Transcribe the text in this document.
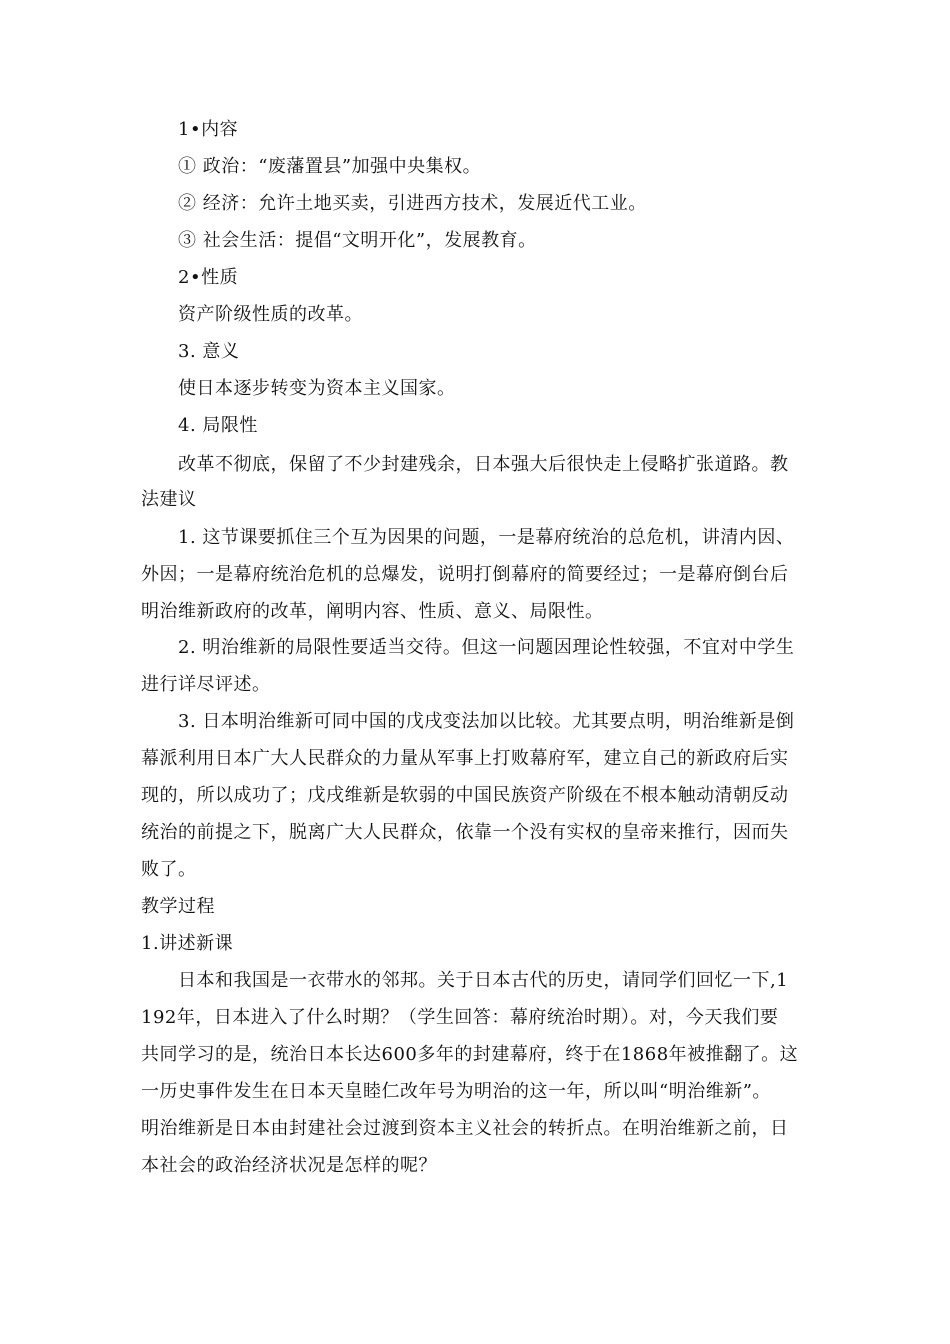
1•内容
① 政治：“废藩置县”加强中央集权。
② 经济：允许土地买卖，引进西方技术，发展近代工业。
③ 社会生活：提倡“文明开化”，发展教育。
2•性质
资产阶级性质的改革。
3. 意义
使日本逐步转变为资本主义国家。
4. 局限性
改革不彻底，保留了不少封建残余，日本强大后很快走上侵略扩张道路。教
法建议
1. 这节课要抓住三个互为因果的问题，一是幕府统治的总危机，讲清内因、
外因；一是幕府统治危机的总爆发，说明打倒幕府的简要经过；一是幕府倒台后
明治维新政府的改革，阐明内容、性质、意义、局限性。
2. 明治维新的局限性要适当交待。但这一问题因理论性较强，不宜对中学生
进行详尽评述。
3. 日本明治维新可同中国的戊戌变法加以比较。尤其要点明，明治维新是倒
幕派利用日本广大人民群众的力量从军事上打败幕府军，建立自己的新政府后实
现的，所以成功了；戊戌维新是软弱的中国民族资产阶级在不根本触动清朝反动
统治的前提之下，脱离广大人民群众，依靠一个没有实权的皇帝来推行，因而失
败了。
教学过程
1.讲述新课
日本和我国是一衣带水的邻邦。关于日本古代的历史，请同学们回忆一下,1
192年，日本进入了什么时期？（学生回答：幕府统治时期）。对，今天我们要
共同学习的是，统治日本长达600多年的封建幕府，终于在1868年被推翻了。这
一历史事件发生在日本天皇睦仁改年号为明治的这一年，所以叫“明治维新”。
明治维新是日本由封建社会过渡到资本主义社会的转折点。在明治维新之前，日
本社会的政治经济状况是怎样的呢？
